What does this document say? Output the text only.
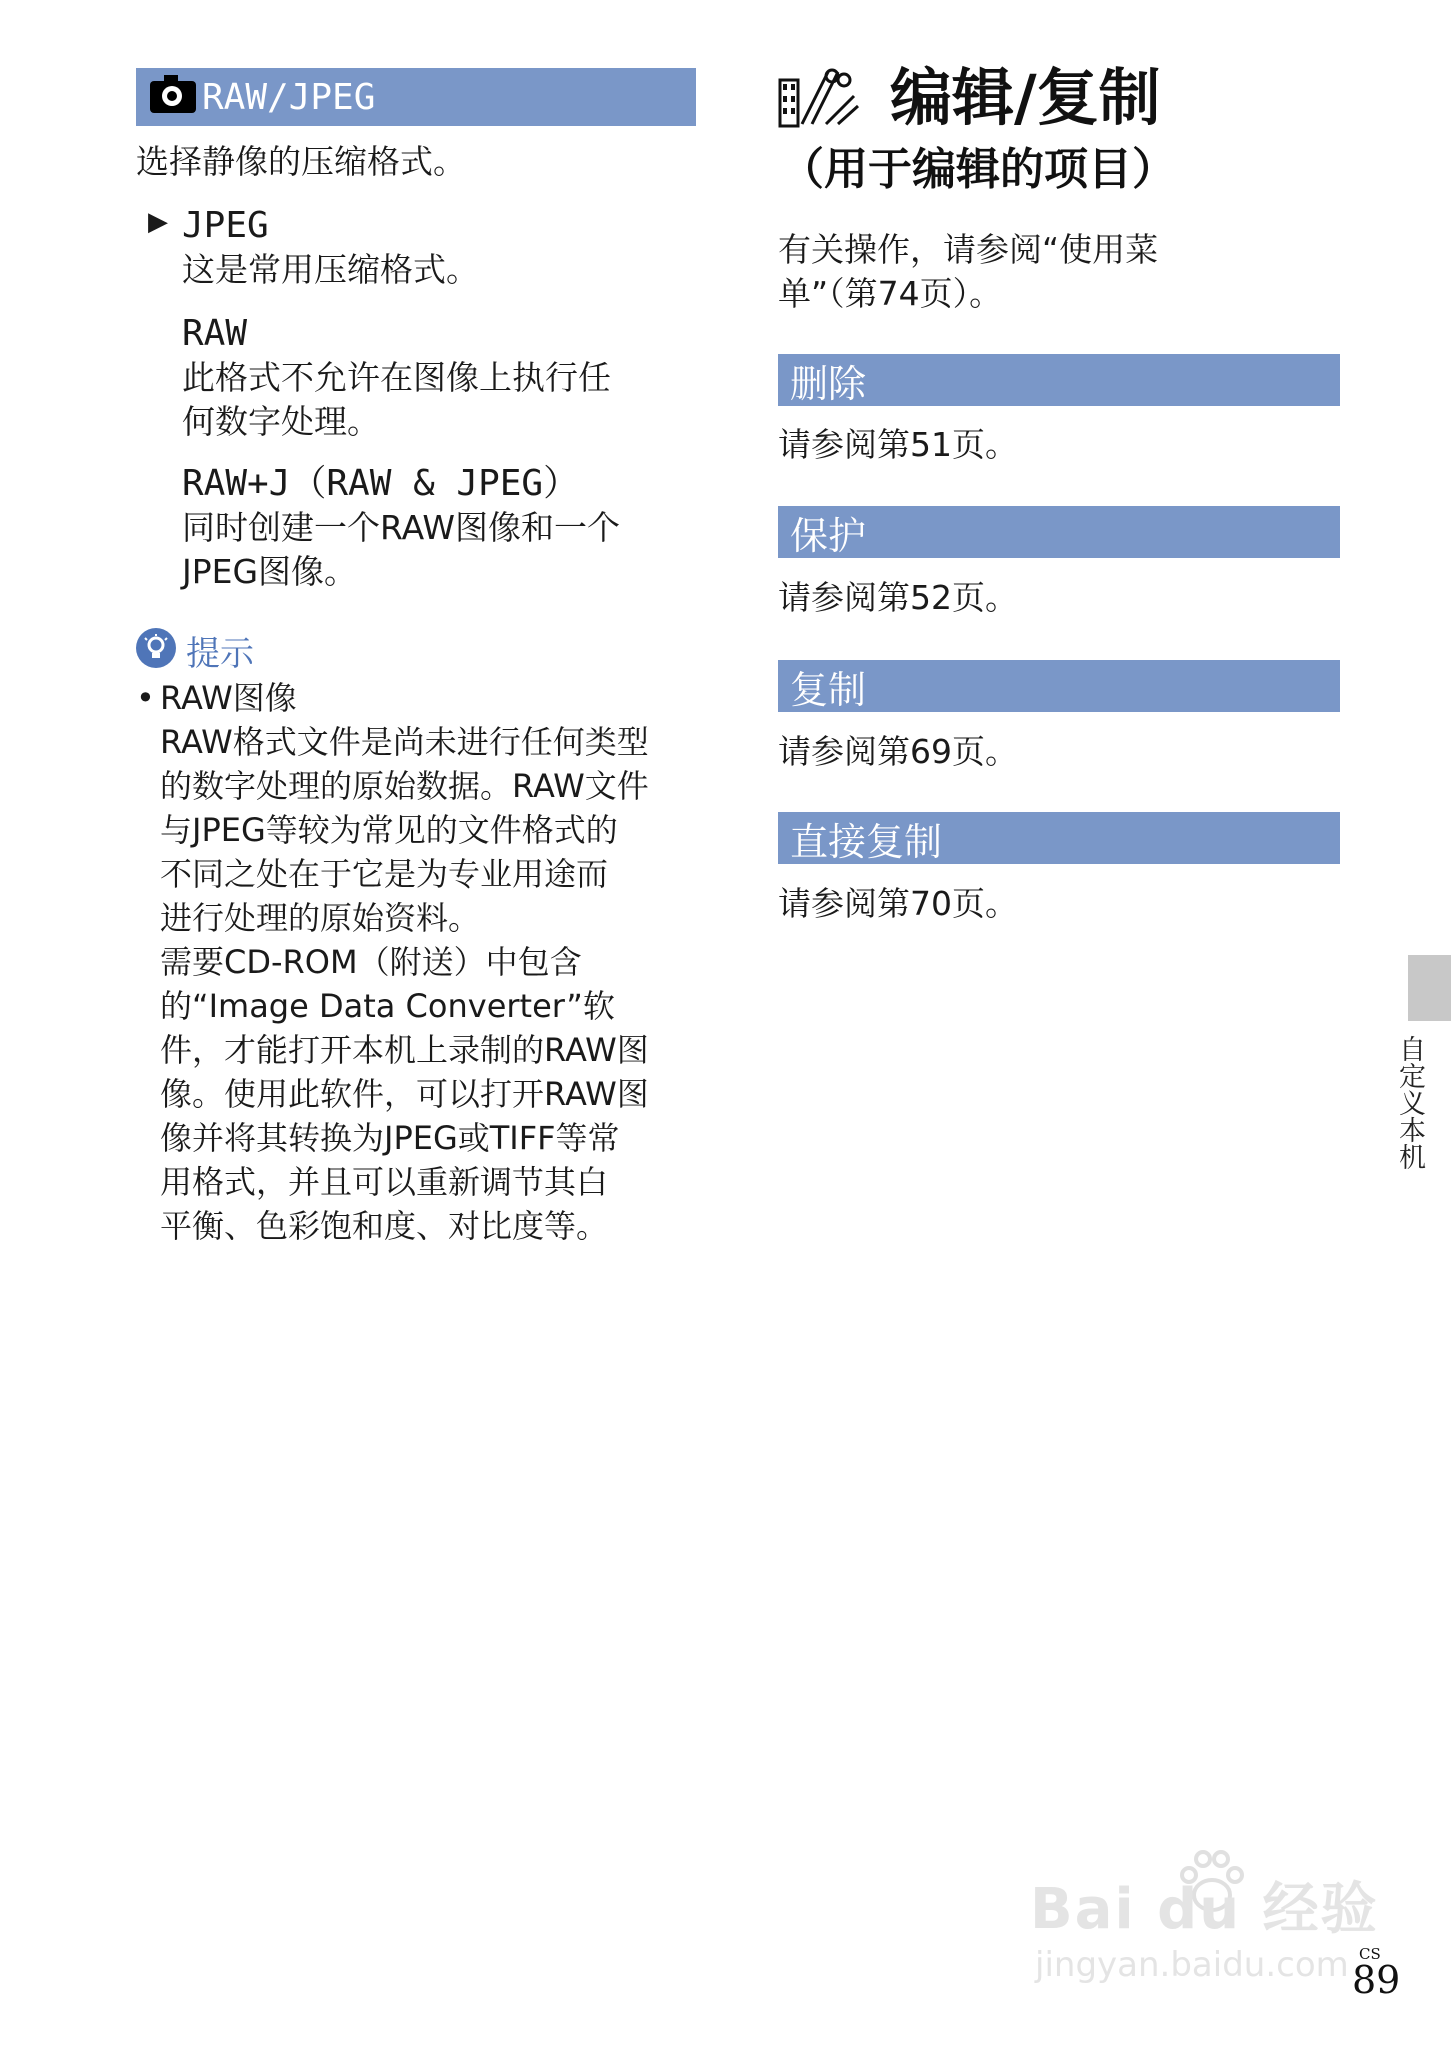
RAW/JPEG
选择静像的压缩格式。
▶ JPEG
这是常用压缩格式。
RAW
此格式不允许在图像上执行任
何数字处理。
RAW+J（RAW & JPEG）
同时创建一个RAW图像和一个
JPEG图像。
提示
• RAW图像
RAW格式文件是尚未进行任何类型
的数字处理的原始数据。RAW文件
与JPEG等较为常见的文件格式的
不同之处在于它是为专业用途而
进行处理的原始资料。
需要CD-ROM（附送）中包含
的“Image Data Converter”软
件，才能打开本机上录制的RAW图
像。使用此软件，可以打开RAW图
像并将其转换为JPEG或TIFF等常
用格式，并且可以重新调节其白
平衡、色彩饱和度、对比度等。
编辑/复制
（用于编辑的项目）
有关操作，请参阅“使用菜
单”（第74页）。
删除
请参阅第51页。
保护
请参阅第52页。
复制
请参阅第69页。
直接复制
请参阅第70页。
自定义本机
Bai du 经验
jingyan.baidu.com CS
89
